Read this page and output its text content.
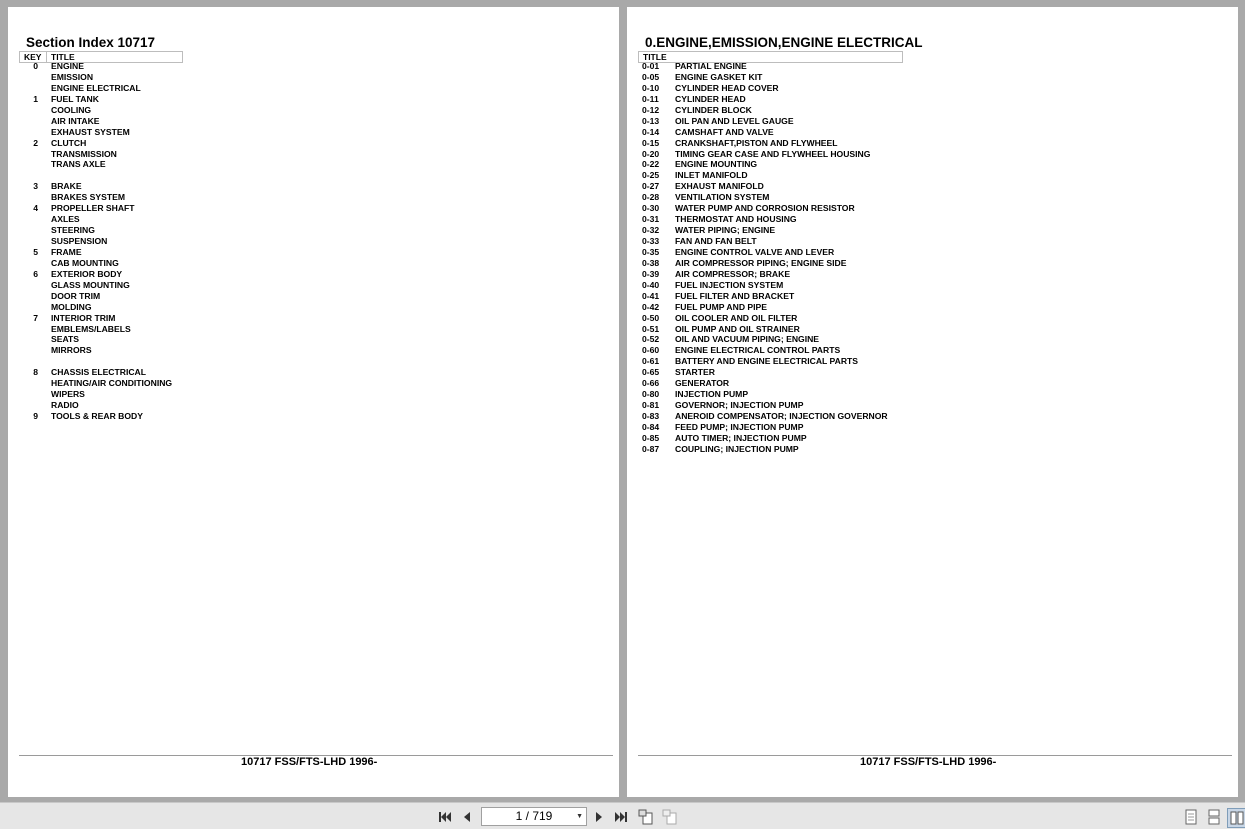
Section Index 10717
KEY TITLE
0 ENGINE
EMISSION
ENGINE ELECTRICAL
1 FUEL TANK
COOLING
AIR INTAKE
EXHAUST SYSTEM
2 CLUTCH
TRANSMISSION
TRANS AXLE
3 BRAKE
BRAKES SYSTEM
4 PROPELLER SHAFT
AXLES
STEERING
SUSPENSION
5 FRAME
CAB MOUNTING
6 EXTERIOR BODY
GLASS MOUNTING
DOOR TRIM
MOLDING
7 INTERIOR TRIM
EMBLEMS/LABELS
SEATS
MIRRORS
8 CHASSIS ELECTRICAL
HEATING/AIR CONDITIONING
WIPERS
RADIO
9 TOOLS & REAR BODY
10717 FSS/FTS-LHD 1996-
0.ENGINE,EMISSION,ENGINE ELECTRICAL
TITLE
0-01	PARTIAL ENGINE
0-05	ENGINE GASKET KIT
0-10	CYLINDER HEAD COVER
0-11	CYLINDER HEAD
0-12	CYLINDER BLOCK
0-13	OIL PAN AND LEVEL GAUGE
0-14	CAMSHAFT AND VALVE
0-15	CRANKSHAFT,PISTON AND FLYWHEEL
0-20	TIMING GEAR CASE AND FLYWHEEL HOUSING
0-22	ENGINE MOUNTING
0-25	INLET MANIFOLD
0-27	EXHAUST MANIFOLD
0-28	VENTILATION SYSTEM
0-30	WATER PUMP AND CORROSION RESISTOR
0-31	THERMOSTAT AND HOUSING
0-32	WATER PIPING; ENGINE
0-33	FAN AND FAN BELT
0-35	ENGINE CONTROL VALVE AND LEVER
0-38	AIR COMPRESSOR PIPING; ENGINE SIDE
0-39	AIR COMPRESSOR; BRAKE
0-40	FUEL INJECTION SYSTEM
0-41	FUEL FILTER AND BRACKET
0-42	FUEL PUMP AND PIPE
0-50	OIL COOLER AND OIL FILTER
0-51	OIL PUMP AND OIL STRAINER
0-52	OIL AND VACUUM PIPING; ENGINE
0-60	ENGINE ELECTRICAL CONTROL PARTS
0-61	BATTERY AND ENGINE ELECTRICAL PARTS
0-65	STARTER
0-66	GENERATOR
0-80	INJECTION PUMP
0-81	GOVERNOR; INJECTION PUMP
0-83	ANEROID COMPENSATOR; INJECTION GOVERNOR
0-84	FEED PUMP; INJECTION PUMP
0-85	AUTO TIMER; INJECTION PUMP
0-87	COUPLING; INJECTION PUMP
10717 FSS/FTS-LHD 1996-
1 / 719	▼
